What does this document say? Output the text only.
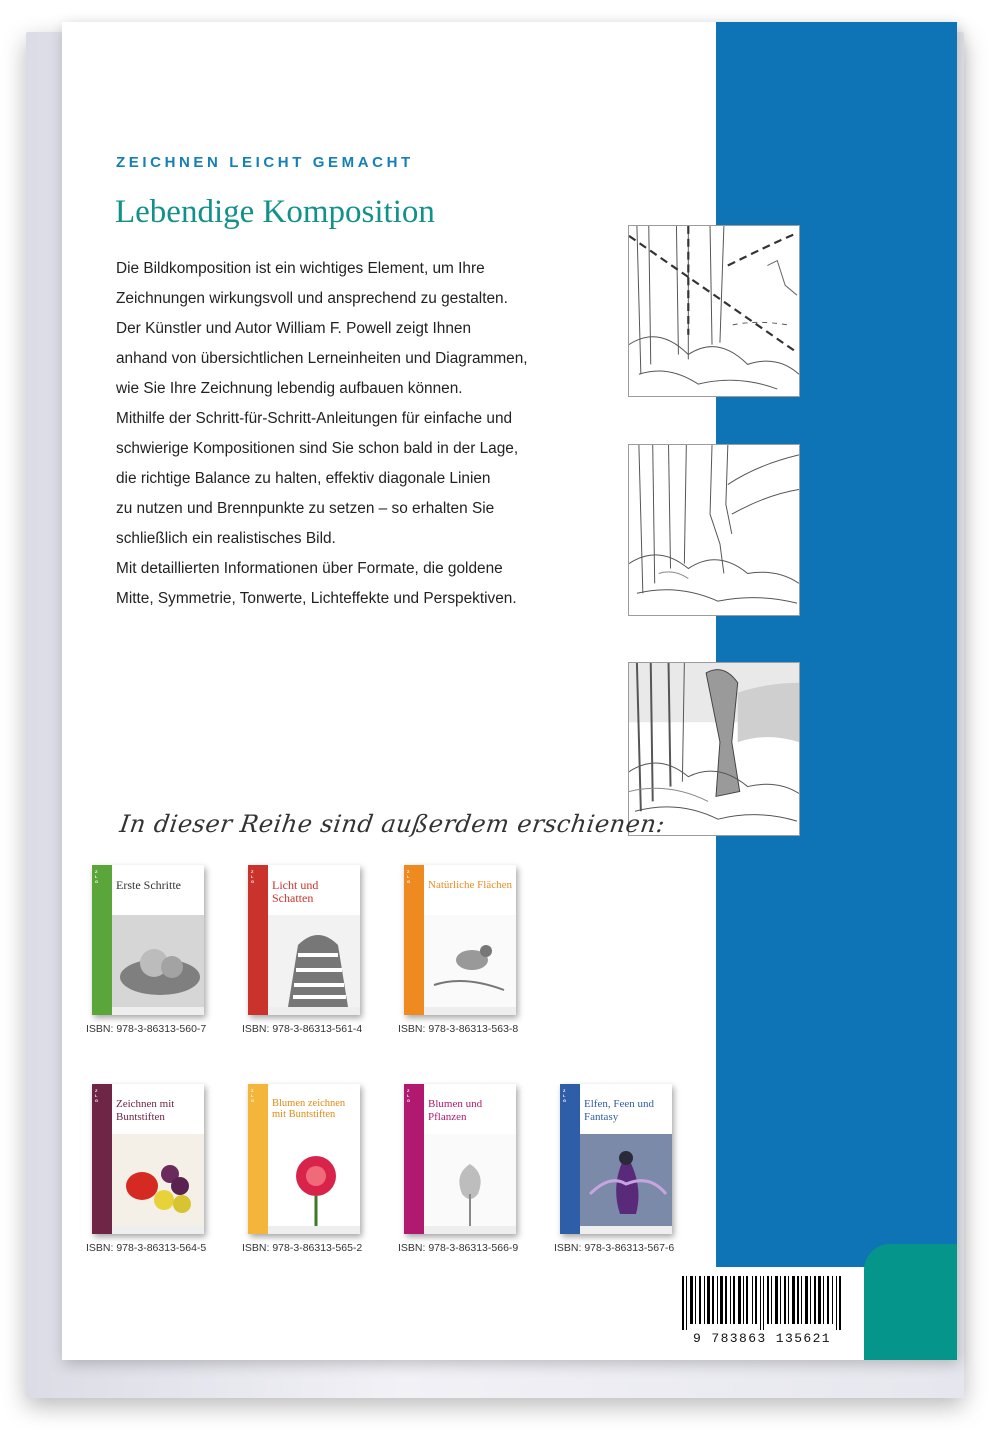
ZEICHNEN LEICHT GEMACHT
Lebendige Komposition

Die Bildkomposition ist ein wichtiges Element, um Ihre

Zeichnungen wirkungsvoll und ansprechend zu gestalten.

Der Künstler und Autor William F. Powell zeigt Ihnen

anhand von übersichtlichen Lerneinheiten und Diagrammen,

wie Sie Ihre Zeichnung lebendig aufbauen können.

Mithilfe der Schritt-für-Schritt-Anleitungen für einfache und

schwierige Kompositionen sind Sie schon bald in der Lage,

die richtige Balance zu halten, effektiv diagonale Linien

zu nutzen und Brennpunkte zu setzen – so erhalten Sie

schließlich ein realistisches Bild.

Mit detaillierten Informationen über Formate, die goldene

Mitte, Symmetrie, Tonwerte, Lichteffekte und Perspektiven.

In dieser Reihe sind außerdem erschienen:

Z
L
G Erste Schritte
ISBN: 978-3-86313-560-7
Z
L
G Licht und Schatten
ISBN: 978-3-86313-561-4
Z
L
G Natürliche Flächen
ISBN: 978-3-86313-563-8
Z
L
G Zeichnen mit Buntstiften
ISBN: 978-3-86313-564-5
Z
L
G Blumen zeichnen mit Buntstiften
ISBN: 978-3-86313-565-2
Z
L
G Blumen und Pflanzen
ISBN: 978-3-86313-566-9
Z
L
G Elfen, Feen und Fantasy
ISBN: 978-3-86313-567-6
9 783863 135621
